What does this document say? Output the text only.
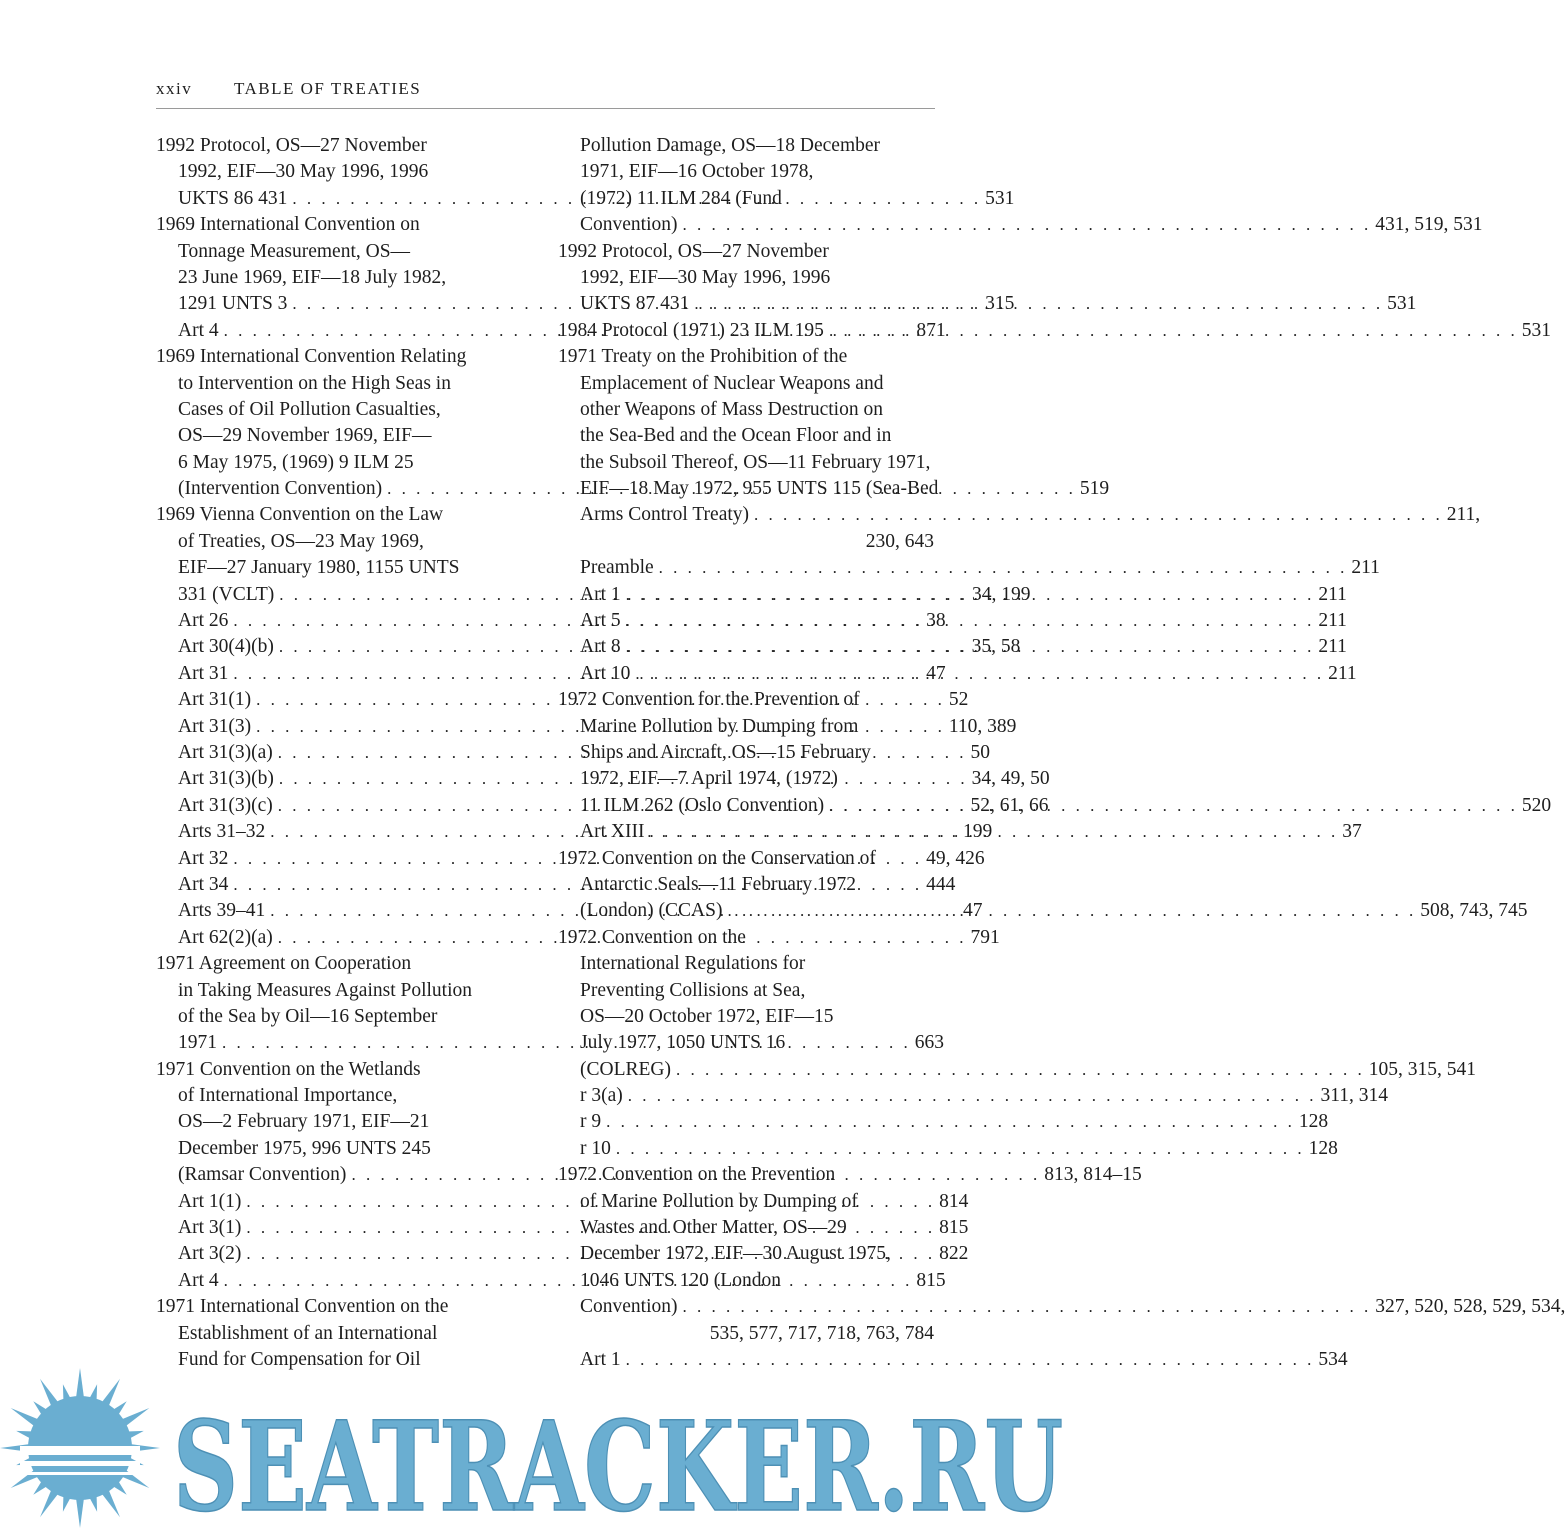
xxiv TABLE OF TREATIES
1992 Protocol, OS—27 November
1992, EIF—30 May 1996, 1996
UKTS 86 431 . . .	531
1969 International Convention on
Tonnage Measurement, OS—
23 June 1969, EIF—18 July 1982,
1291 UNTS 3 . . .	315
Art 4 . . .	871
1969 International Convention Relating
to Intervention on the High Seas in
Cases of Oil Pollution Casualties,
OS—29 November 1969, EIF—
6 May 1975, (1969) 9 ILM 25
(Intervention Convention) . . .	519
1969 Vienna Convention on the Law
of Treaties, OS—23 May 1969,
EIF—27 January 1980, 1155 UNTS
331 (VCLT) . . .	34, 199
Art 26 . . .	38
Art 30(4)(b) . . .	35, 58
Art 31 . . .	47
Art 31(1) . . .	52
Art 31(3) . . .	110, 389
Art 31(3)(a) . . .	50
Art 31(3)(b) . . .	34, 49, 50
Art 31(3)(c) . . .	52, 61, 66
Arts 31–32 . . .	199
Art 32 . . .	49, 426
Art 34 . . .	444
Arts 39–41 . . .	47
Art 62(2)(a) . . .	791
1971 Agreement on Cooperation
in Taking Measures Against Pollution
of the Sea by Oil—16 September
1971 . . .	663
1971 Convention on the Wetlands
of International Importance,
OS—2 February 1971, EIF—21
December 1975, 996 UNTS 245
(Ramsar Convention) . . .	813, 814–15
Art 1(1) . . .	814
Art 3(1) . . .	815
Art 3(2) . . .	822
Art 4 . . .	815
1971 International Convention on the
Establishment of an International
Fund for Compensation for Oil
Pollution Damage, OS—18 December
1971, EIF—16 October 1978,
(1972) 11 ILM 284 (Fund
Convention) . . .	431, 519, 531
1992 Protocol, OS—27 November
1992, EIF—30 May 1996, 1996
UKTS 87 431 . . .	531
1984 Protocol (1971) 23 ILM 195 . . .	531
1971 Treaty on the Prohibition of the
Emplacement of Nuclear Weapons and
other Weapons of Mass Destruction on
the Sea-Bed and the Ocean Floor and in
the Subsoil Thereof, OS—11 February 1971,
EIF—18 May 1972, 955 UNTS 115 (Sea-Bed
Arms Control Treaty) . . .	211,
230, 643
Preamble . . .	211
Art 1 . . .	211
Art 5 . . .	211
Art 8 . . .	211
Art 10 . . .	211
1972 Convention for the Prevention of
Marine Pollution by Dumping from
Ships and Aircraft, OS—15 February
1972, EIF—7 April 1974, (1972)
11 ILM 262 (Oslo Convention) . . .	520
Art XIII . . .	37
1972 Convention on the Conservation of
Antarctic Seals—11 February 1972
(London) (CCAS) . . .	508, 743, 745
1972 Convention on the
International Regulations for
Preventing Collisions at Sea,
OS—20 October 1972, EIF—15
July 1977, 1050 UNTS 16
(COLREG) . . .	105, 315, 541
r 3(a) . . .	311, 314
r 9 . . .	128
r 10 . . .	128
1972 Convention on the Prevention
of Marine Pollution by Dumping of
Wastes and Other Matter, OS—29
December 1972, EIF—30 August 1975,
1046 UNTS 120 (London
Convention) . . .	327, 520, 528, 529, 534,
535, 577, 717, 718, 763, 784
Art 1 . . .	534
SEATRACKER.RU
